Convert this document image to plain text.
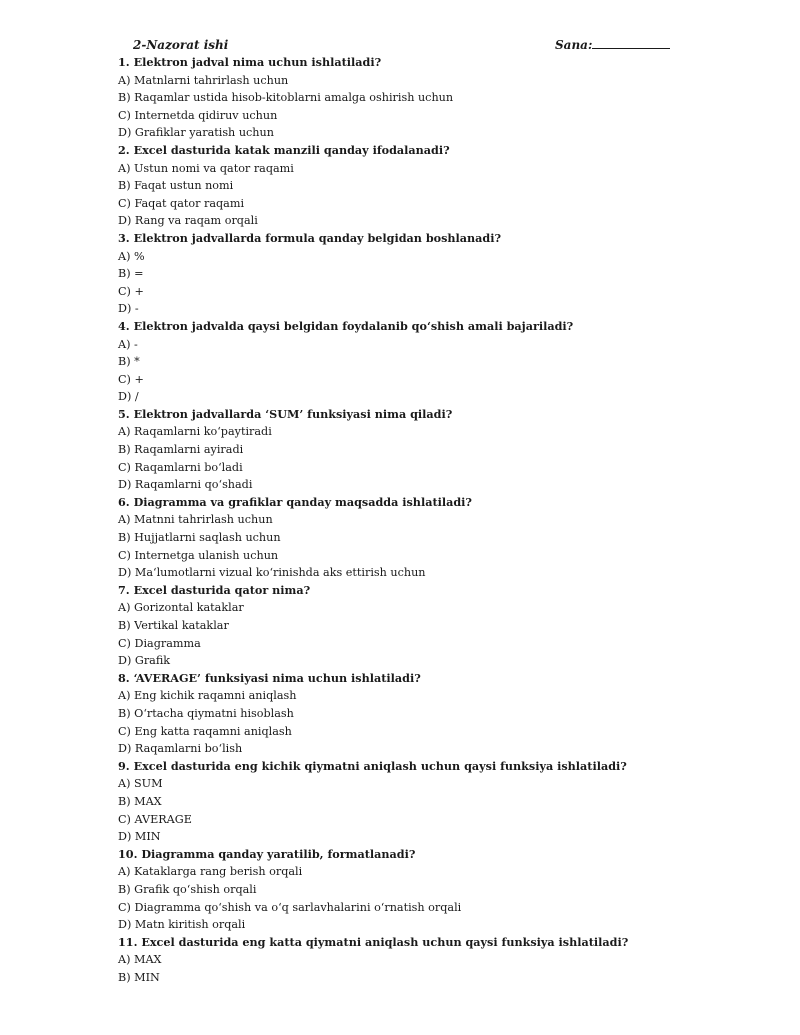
2-Nazorat ishi	Sana:
1. Elektron jadval nima uchun ishlatiladi?
A) Matnlarni tahrirlash uchun
B) Raqamlar ustida hisob-kitoblarni amalga oshirish uchun
C) Internetda qidiruv uchun
D) Grafiklar yaratish uchun
2. Excel dasturida katak manzili qanday ifodalanadi?
A) Ustun nomi va qator raqami
B) Faqat ustun nomi
C) Faqat qator raqami
D) Rang va raqam orqali
3. Elektron jadvallarda formula qanday belgidan boshlanadi?
A) %
B) =
C) +
D) -
4. Elektron jadvalda qaysi belgidan foydalanib qo‘shish amali bajariladi?
A) -
B) *
C) +
D) /
5. Elektron jadvallarda ‘SUM’ funksiyasi nima qiladi?
A) Raqamlarni ko‘paytiradi
B) Raqamlarni ayiradi
C) Raqamlarni bo‘ladi
D) Raqamlarni qo‘shadi
6. Diagramma va grafiklar qanday maqsadda ishlatiladi?
A) Matnni tahrirlash uchun
B) Hujjatlarni saqlash uchun
C) Internetga ulanish uchun
D) Ma‘lumotlarni vizual ko‘rinishda aks ettirish uchun
7. Excel dasturida qator nima?
A) Gorizontal kataklar
B) Vertikal kataklar
C) Diagramma
D) Grafik
8. ‘AVERAGE’ funksiyasi nima uchun ishlatiladi?
A) Eng kichik raqamni aniqlash
B) O‘rtacha qiymatni hisoblash
C) Eng katta raqamni aniqlash
D) Raqamlarni bo‘lish
9. Excel dasturida eng kichik qiymatni aniqlash uchun qaysi funksiya ishlatiladi?
A) SUM
B) MAX
C) AVERAGE
D) MIN
10. Diagramma qanday yaratilib, formatlanadi?
A) Kataklarga rang berish orqali
B) Grafik qo‘shish orqali
C) Diagramma qo‘shish va o‘q sarlavhalarini o‘rnatish orqali
D) Matn kiritish orqali
11. Excel dasturida eng katta qiymatni aniqlash uchun qaysi funksiya ishlatiladi?
A) MAX
B) MIN
